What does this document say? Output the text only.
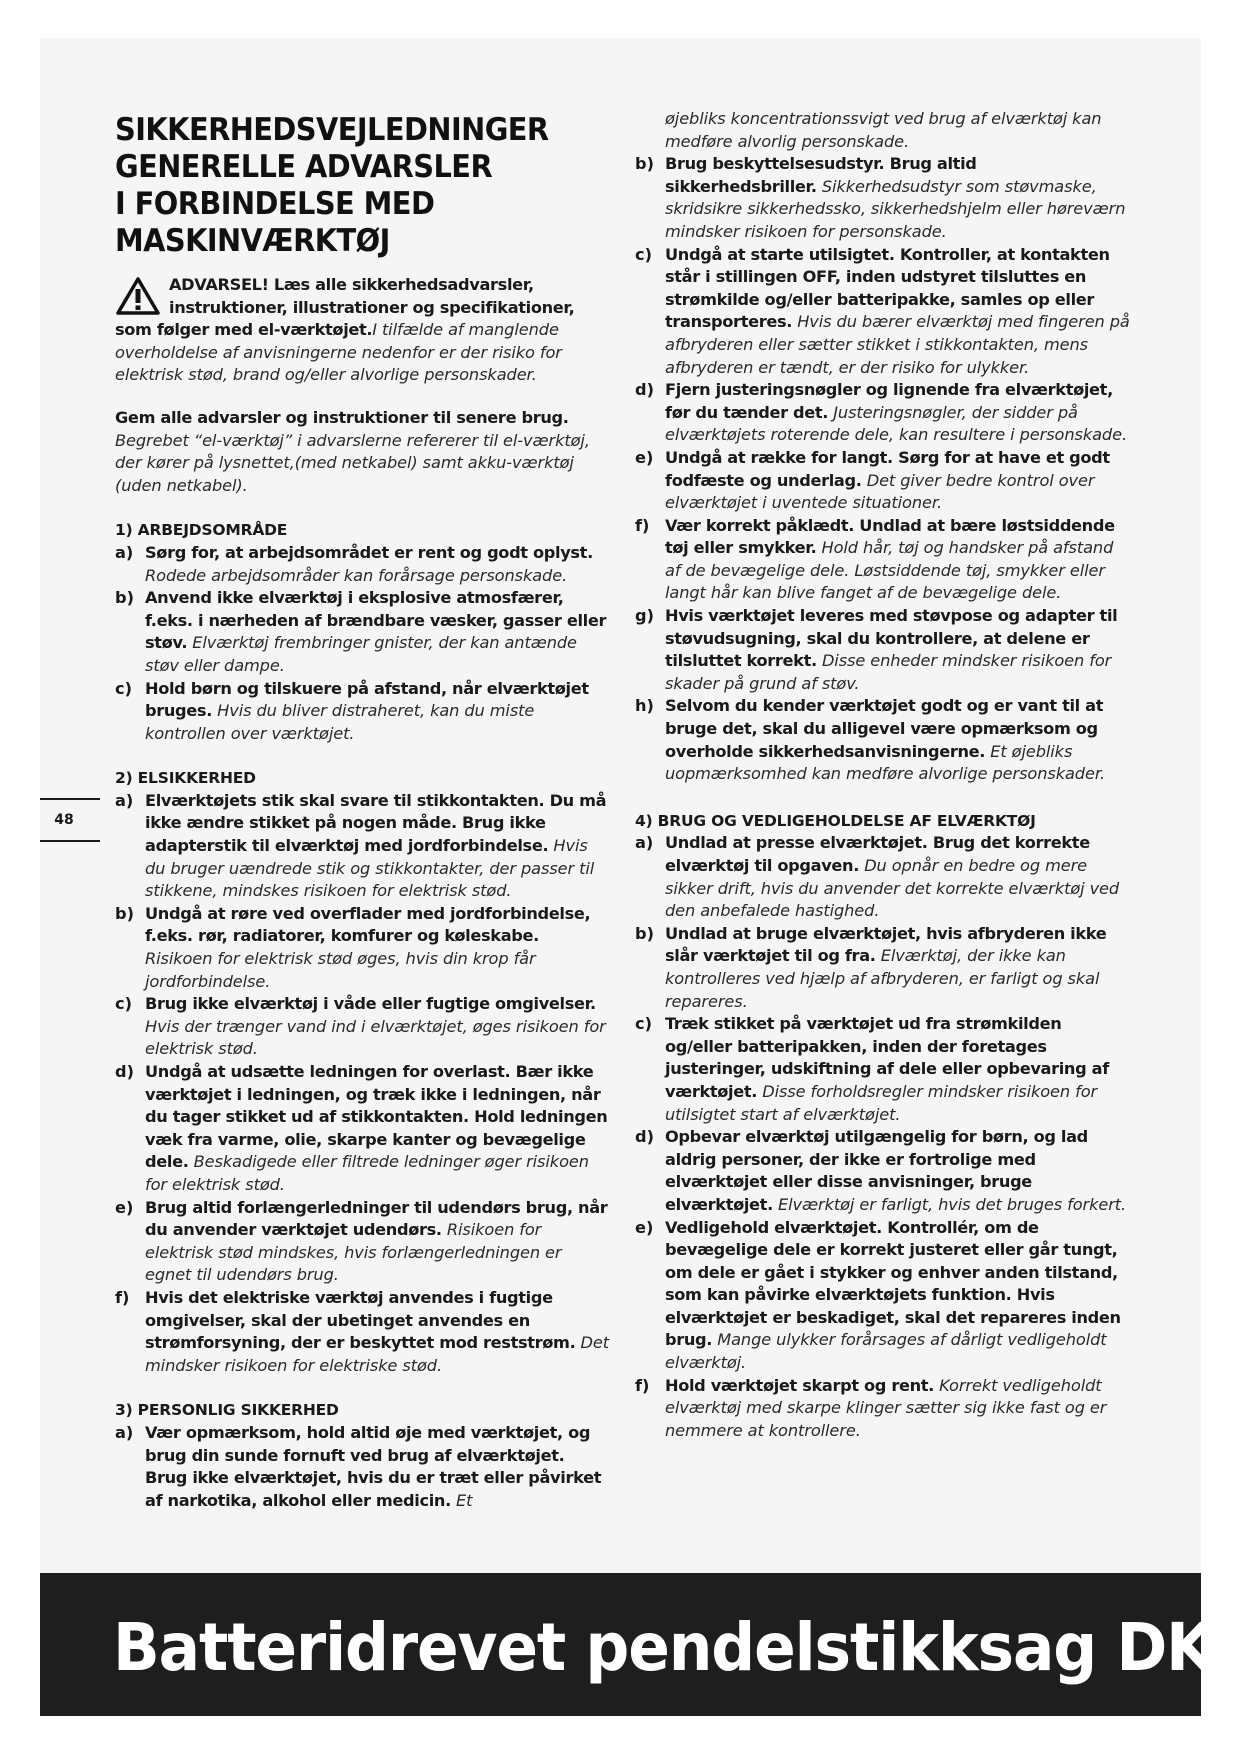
48
SIKKERHEDSVEJLEDNINGER
GENERELLE ADVARSLER
I FORBINDELSE MED
MASKINVÆRKTØJ

ADVARSEL! Læs alle sikkerhedsadvarsler, instruktioner, illustrationer og specifikationer, som følger med el-værktøjet.I tilfælde af manglende overholdelse af anvisningerne nedenfor er der risiko for elektrisk stød, brand og/eller alvorlige personskader.

Gem alle advarsler og instruktioner til senere brug.
Begrebet “el-værktøj” i advarslerne refererer til el-værktøj, der kører på lysnettet,(med netkabel) samt akku-værktøj (uden netkabel).

1) ARBEJDSOMRÅDE

a) Sørg for, at arbejdsområdet er rent og godt oplyst. Rodede arbejdsområder kan forårsage personskade.

b) Anvend ikke elværktøj i eksplosive atmosfærer, f.eks. i nærheden af brændbare væsker, gasser eller støv. Elværktøj frembringer gnister, der kan antænde støv eller dampe.

c) Hold børn og tilskuere på afstand, når elværktøjet bruges. Hvis du bliver distraheret, kan du miste kontrollen over værktøjet.

2) ELSIKKERHED

a) Elværktøjets stik skal svare til stikkontakten. Du må ikke ændre stikket på nogen måde. Brug ikke adapterstik til elværktøj med jordforbindelse. Hvis du bruger uændrede stik og stikkontakter, der passer til stikkene, mindskes risikoen for elektrisk stød.

b) Undgå at røre ved overflader med jordforbindelse, f.eks. rør, radiatorer, komfurer og køleskabe. Risikoen for elektrisk stød øges, hvis din krop får jordforbindelse.

c) Brug ikke elværktøj i våde eller fugtige omgivelser. Hvis der trænger vand ind i elværktøjet, øges risikoen for elektrisk stød.

d) Undgå at udsætte ledningen for overlast. Bær ikke værktøjet i ledningen, og træk ikke i ledningen, når du tager stikket ud af stikkontakten. Hold ledningen væk fra varme, olie, skarpe kanter og bevægelige dele. Beskadigede eller filtrede ledninger øger risikoen for elektrisk stød.

e) Brug altid forlængerledninger til udendørs brug, når du anvender værktøjet udendørs. Risikoen for elektrisk stød mindskes, hvis forlængerledningen er egnet til udendørs brug.

f) Hvis det elektriske værktøj anvendes i fugtige omgivelser, skal der ubetinget anvendes en strømforsyning, der er beskyttet mod reststrøm. Det mindsker risikoen for elektriske stød.

3) PERSONLIG SIKKERHED

a) Vær opmærksom, hold altid øje med værktøjet, og brug din sunde fornuft ved brug af elværktøjet. Brug ikke elværktøjet, hvis du er træt eller påvirket af narkotika, alkohol eller medicin. Et

øjebliks koncentrationssvigt ved brug af elværktøj kan medføre alvorlig personskade.

b) Brug beskyttelsesudstyr. Brug altid sikkerhedsbriller. Sikkerhedsudstyr som støvmaske, skridsikre sikkerhedssko, sikkerhedshjelm eller høreværn mindsker risikoen for personskade.

c) Undgå at starte utilsigtet. Kontroller, at kontakten står i stillingen OFF, inden udstyret tilsluttes en strømkilde og/eller batteripakke, samles op eller transporteres. Hvis du bærer elværktøj med fingeren på afbryderen eller sætter stikket i stikkontakten, mens afbryderen er tændt, er der risiko for ulykker.

d) Fjern justeringsnøgler og lignende fra elværktøjet, før du tænder det. Justeringsnøgler, der sidder på elværktøjets roterende dele, kan resultere i personskade.

e) Undgå at række for langt. Sørg for at have et godt fodfæste og underlag. Det giver bedre kontrol over elværktøjet i uventede situationer.

f) Vær korrekt påklædt. Undlad at bære løstsiddende tøj eller smykker. Hold hår, tøj og handsker på afstand af de bevægelige dele. Løstsiddende tøj, smykker eller langt hår kan blive fanget af de bevægelige dele.

g) Hvis værktøjet leveres med støvpose og adapter til støvudsugning, skal du kontrollere, at delene er tilsluttet korrekt. Disse enheder mindsker risikoen for skader på grund af støv.

h) Selvom du kender værktøjet godt og er vant til at bruge det, skal du alligevel være opmærksom og overholde sikkerhedsanvisningerne. Et øjebliks uopmærksomhed kan medføre alvorlige personskader.

4) BRUG OG VEDLIGEHOLDELSE AF ELVÆRKTØJ

a) Undlad at presse elværktøjet. Brug det korrekte elværktøj til opgaven. Du opnår en bedre og mere sikker drift, hvis du anvender det korrekte elværktøj ved den anbefalede hastighed.

b) Undlad at bruge elværktøjet, hvis afbryderen ikke slår værktøjet til og fra. Elværktøj, der ikke kan kontrolleres ved hjælp af afbryderen, er farligt og skal repareres.

c) Træk stikket på værktøjet ud fra strømkilden og/eller batteripakken, inden der foretages justeringer, udskiftning af dele eller opbevaring af værktøjet. Disse forholdsregler mindsker risikoen for utilsigtet start af elværktøjet.

d) Opbevar elværktøj utilgængelig for børn, og lad aldrig personer, der ikke er fortrolige med elværktøjet eller disse anvisninger, bruge elværktøjet. Elværktøj er farligt, hvis det bruges forkert.

e) Vedligehold elværktøjet. Kontrollér, om de bevægelige dele er korrekt justeret eller går tungt, om dele er gået i stykker og enhver anden tilstand, som kan påvirke elværktøjets funktion. Hvis elværktøjet er beskadiget, skal det repareres inden brug. Mange ulykker forårsages af dårligt vedligeholdt elværktøj.

f) Hold værktøjet skarpt og rent. Korrekt vedligeholdt elværktøj med skarpe klinger sætter sig ikke fast og er nemmere at kontrollere.

Batteridrevet pendelstikksag DK
